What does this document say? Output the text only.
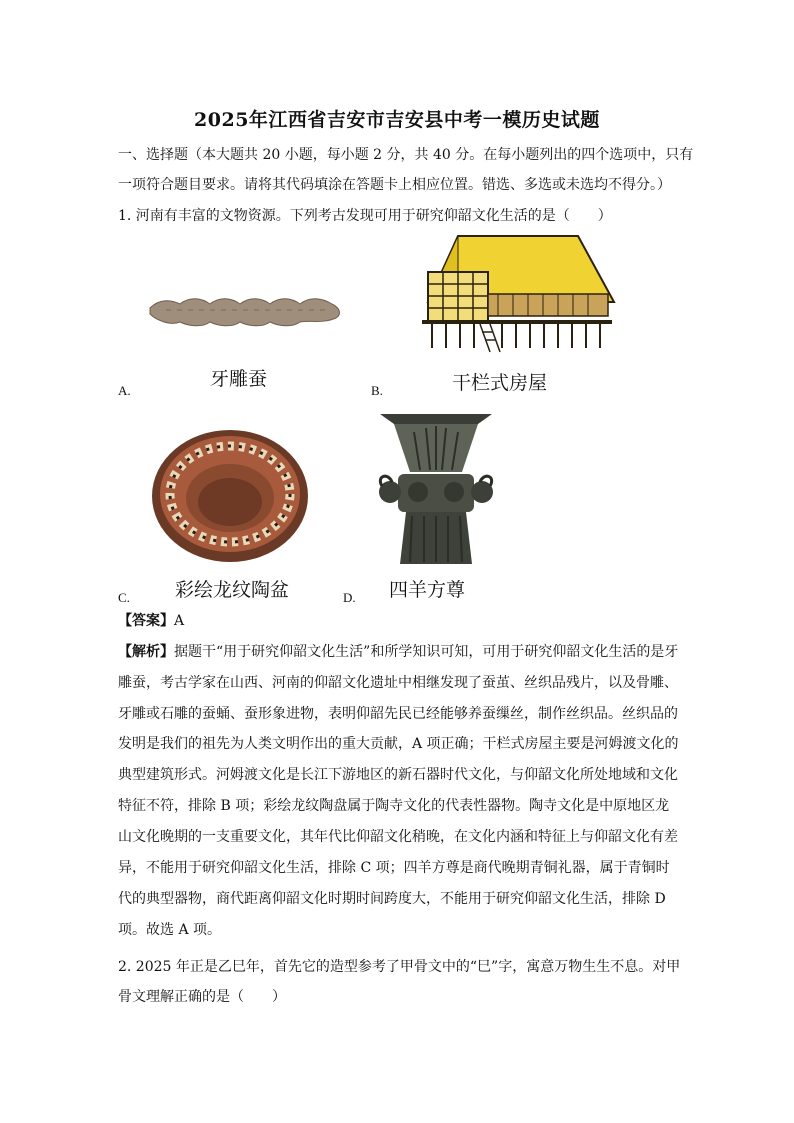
2025年江西省吉安市吉安县中考一模历史试题
一、选择题（本大题共 20 小题，每小题 2 分，共 40 分。在每小题列出的四个选项中，只有
一项符合题目要求。请将其代码填涂在答题卡上相应位置。错选、多选或未选均不得分。）
1. 河南有丰富的文物资源。下列考古发现可用于研究仰韶文化生活的是（　　）
牙雕蚕
A.	干栏式房屋
B.
彩绘龙纹陶盆
C.	四羊方尊
D.
【答案】A
【解析】据题干“用于研究仰韶文化生活”和所学知识可知，可用于研究仰韶文化生活的是牙
雕蚕，考古学家在山西、河南的仰韶文化遗址中相继发现了蚕茧、丝织品残片，以及骨雕、
牙雕或石雕的蚕蛹、蚕形象进物，表明仰韶先民已经能够养蚕缫丝，制作丝织品。丝织品的
发明是我们的祖先为人类文明作出的重大贡献，A 项正确；干栏式房屋主要是河姆渡文化的
典型建筑形式。河姆渡文化是长江下游地区的新石器时代文化，与仰韶文化所处地域和文化
特征不符，排除 B 项；彩绘龙纹陶盘属于陶寺文化的代表性器物。陶寺文化是中原地区龙
山文化晚期的一支重要文化，其年代比仰韶文化稍晚，在文化内涵和特征上与仰韶文化有差
异，不能用于研究仰韶文化生活，排除 C 项；四羊方尊是商代晚期青铜礼器，属于青铜时
代的典型器物，商代距离仰韶文化时期时间跨度大，不能用于研究仰韶文化生活，排除 D
项。故选 A 项。
2. 2025 年正是乙巳年，首先它的造型参考了甲骨文中的“巳”字，寓意万物生生不息。对甲
骨文理解正确的是（　　）
